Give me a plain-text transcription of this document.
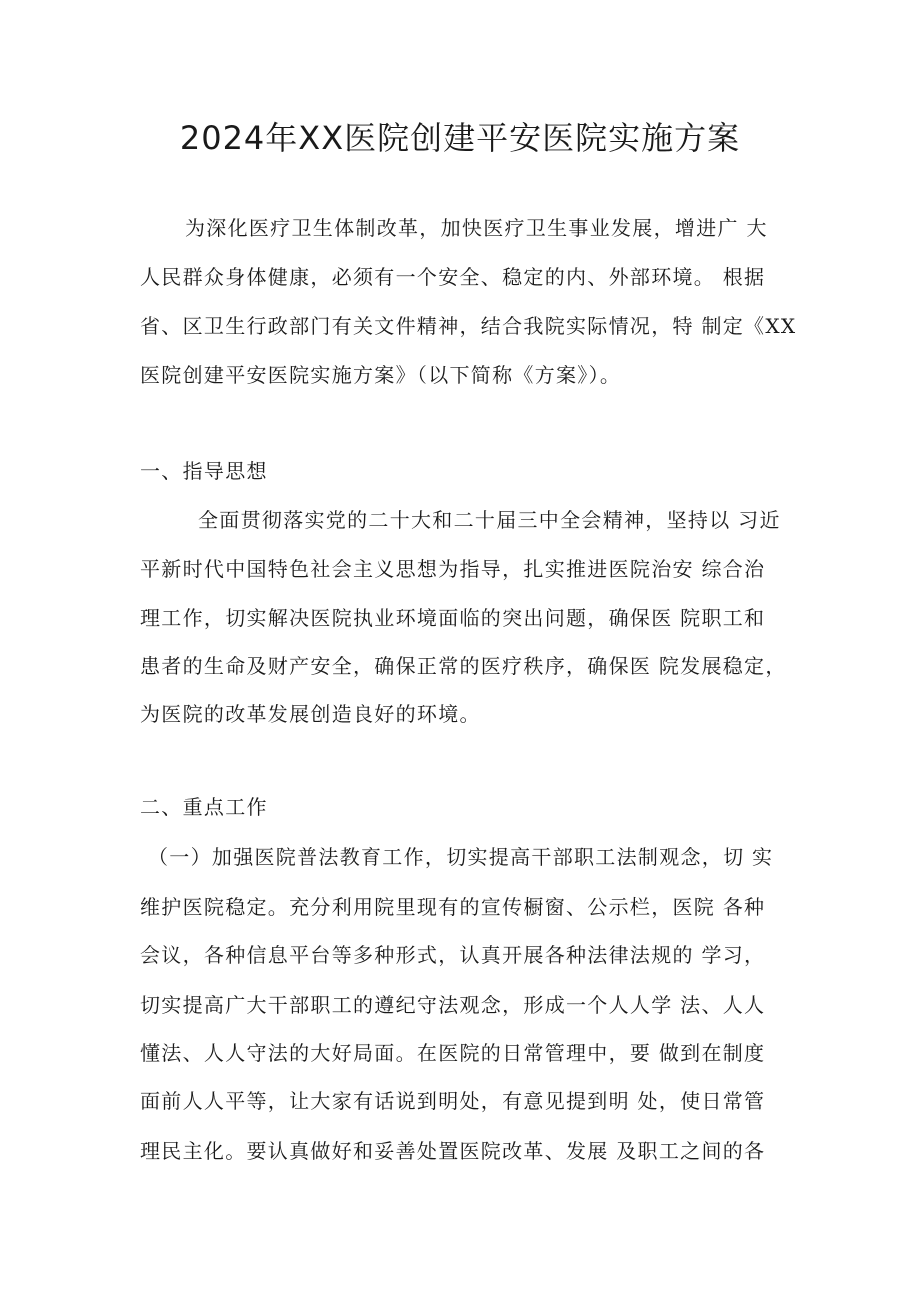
2024年XX医院创建平安医院实施方案
为深化医疗卫生体制改革，加快医疗卫生事业发展，增进广 大
人民群众身体健康，必须有一个安全、稳定的内、外部环境。 根据
省、区卫生行政部门有关文件精神，结合我院实际情况，特 制定《XX
医院创建平安医院实施方案》（以下简称《方案》）。
一、指导思想
全面贯彻落实党的二十大和二十届三中全会精神，坚持以 习近
平新时代中国特色社会主义思想为指导，扎实推进医院治安 综合治
理工作，切实解决医院执业环境面临的突出问题，确保医 院职工和
患者的生命及财产安全，确保正常的医疗秩序，确保医 院发展稳定，
为医院的改革发展创造良好的环境。
二、重点工作
（一）加强医院普法教育工作，切实提高干部职工法制观念，切 实
维护医院稳定。充分利用院里现有的宣传橱窗、公示栏，医院 各种
会议，各种信息平台等多种形式，认真开展各种法律法规的 学习，
切实提高广大干部职工的遵纪守法观念，形成一个人人学 法、人人
懂法、人人守法的大好局面。在医院的日常管理中，要 做到在制度
面前人人平等，让大家有话说到明处，有意见提到明 处，使日常管
理民主化。要认真做好和妥善处置医院改革、发展 及职工之间的各
